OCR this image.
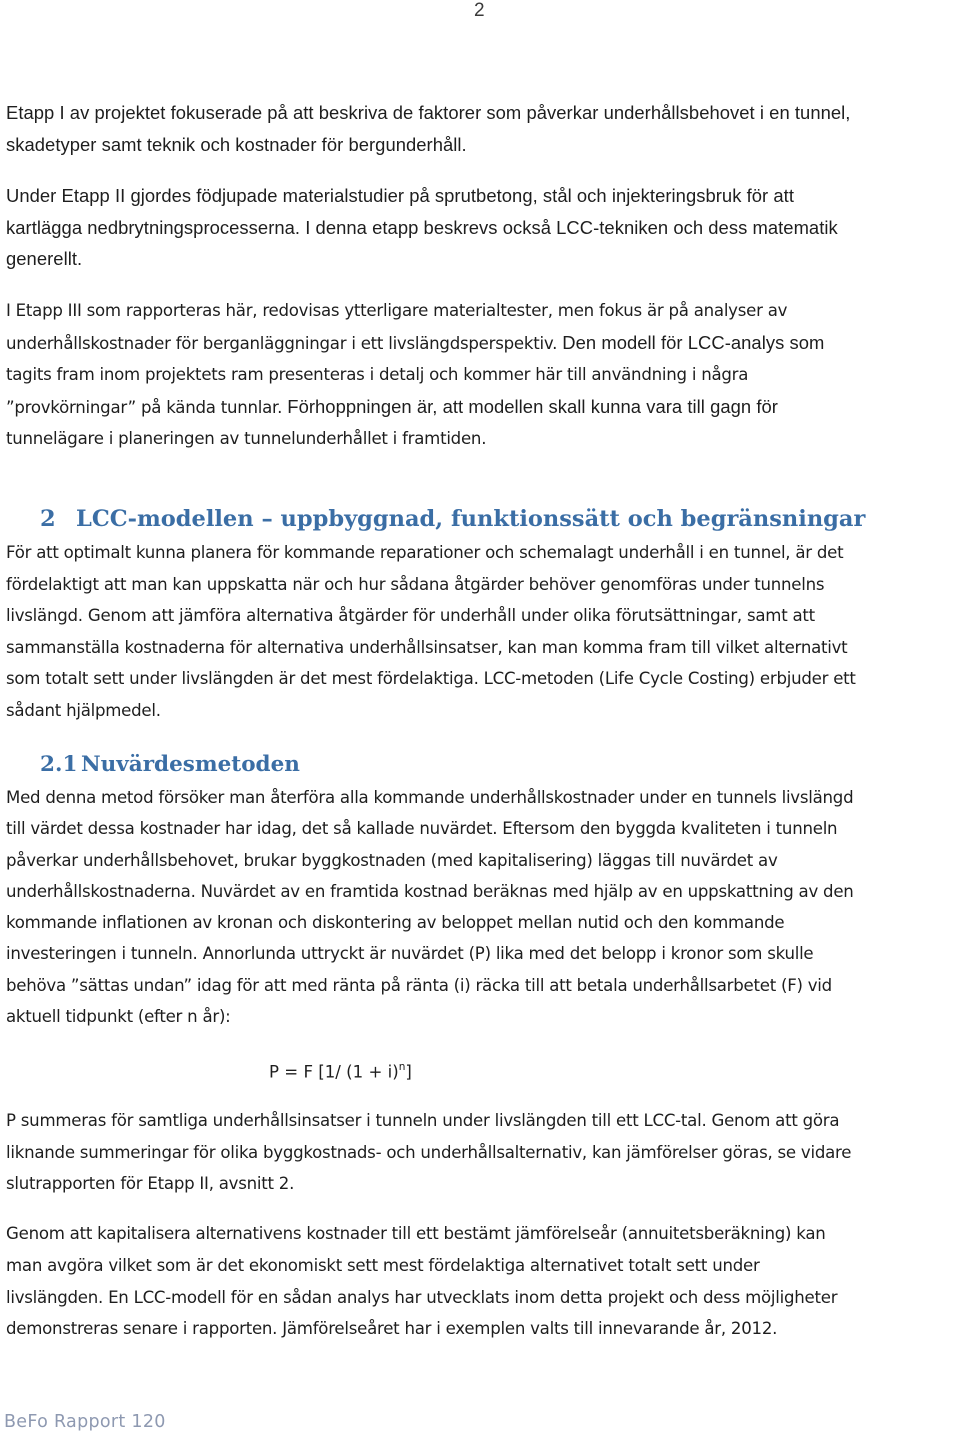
2

Etapp I av projektet fokuserade på att beskriva de faktorer som påverkar underhållsbehovet i en tunnel,
skadetyper samt teknik och kostnader för bergunderhåll.

Under Etapp II gjordes födjupade materialstudier på sprutbetong, stål och injekteringsbruk för att
kartlägga nedbrytningsprocesserna. I denna etapp beskrevs också LCC-tekniken och dess matematik
generellt.

I Etapp III som rapporteras här, redovisas ytterligare materialtester, men fokus är på analyser av
underhållskostnader för berganläggningar i ett livslängdsperspektiv. Den modell för LCC-analys som
tagits fram inom projektets ram presenteras i detalj och kommer här till användning i några
”provkörningar” på kända tunnlar. Förhoppningen är, att modellen skall kunna vara till gagn för
tunnelägare i planeringen av tunnelunderhållet i framtiden.

2 LCC-modellen – uppbyggnad, funktionssätt och begränsningar

För att optimalt kunna planera för kommande reparationer och schemalagt underhåll i en tunnel, är det
fördelaktigt att man kan uppskatta när och hur sådana åtgärder behöver genomföras under tunnelns
livslängd. Genom att jämföra alternativa åtgärder för underhåll under olika förutsättningar, samt att
sammanställa kostnaderna för alternativa underhållsinsatser, kan man komma fram till vilket alternativt
som totalt sett under livslängden är det mest fördelaktiga. LCC-metoden (Life Cycle Costing) erbjuder ett
sådant hjälpmedel.

2.1 Nuvärdesmetoden

Med denna metod försöker man återföra alla kommande underhållskostnader under en tunnels livslängd
till värdet dessa kostnader har idag, det så kallade nuvärdet. Eftersom den byggda kvaliteten i tunneln
påverkar underhållsbehovet, brukar byggkostnaden (med kapitalisering) läggas till nuvärdet av
underhållskostnaderna. Nuvärdet av en framtida kostnad beräknas med hjälp av en uppskattning av den
kommande inflationen av kronan och diskontering av beloppet mellan nutid och den kommande
investeringen i tunneln. Annorlunda uttryckt är nuvärdet (P) lika med det belopp i kronor som skulle
behöva ”sättas undan” idag för att med ränta på ränta (i) räcka till att betala underhållsarbetet (F) vid
aktuell tidpunkt (efter n år):

P = F [1/ $(1 + i)^n$]

P summeras för samtliga underhållsinsatser i tunneln under livslängden till ett LCC-tal. Genom att göra
liknande summeringar för olika byggkostnads- och underhållsalternativ, kan jämförelser göras, se vidare
slutrapporten för Etapp II, avsnitt 2.

Genom att kapitalisera alternativens kostnader till ett bestämt jämförelseår (annuitetsberäkning) kan
man avgöra vilket som är det ekonomiskt sett mest fördelaktiga alternativet totalt sett under
livslängden. En LCC-modell för en sådan analys har utvecklats inom detta projekt och dess möjligheter
demonstreras senare i rapporten. Jämförelseåret har i exemplen valts till innevarande år, 2012.

BeFo Rapport 120
